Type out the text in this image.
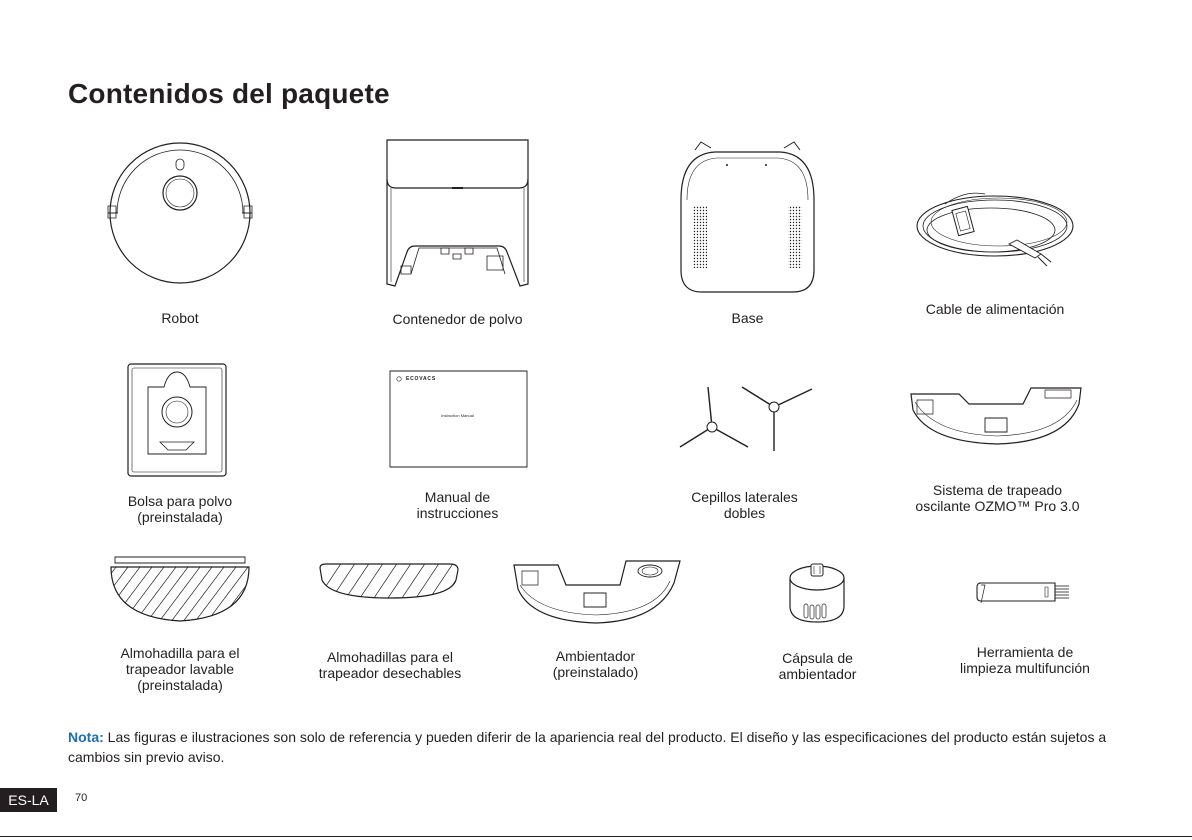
Contenidos del paquete
Robot	Contenedor de polvo	Base
Cable de alimentación
Bolsa para polvo
(preinstalada)
ECOVACS
Instruction Manual
Manual de
instrucciones
Cepillos laterales
dobles
Sistema de trapeado
oscilante OZMO™ Pro 3.0
Almohadilla para el
trapeador lavable
(preinstalada)
Almohadillas para el
trapeador desechables
Ambientador
(preinstalado)
Cápsula de
ambientador
Herramienta de
limpieza multifunción
Nota: Las figuras e ilustraciones son solo de referencia y pueden diferir de la apariencia real del producto. El diseño y las especificaciones del producto están sujetos a cambios sin previo aviso.
ES-LA	70
